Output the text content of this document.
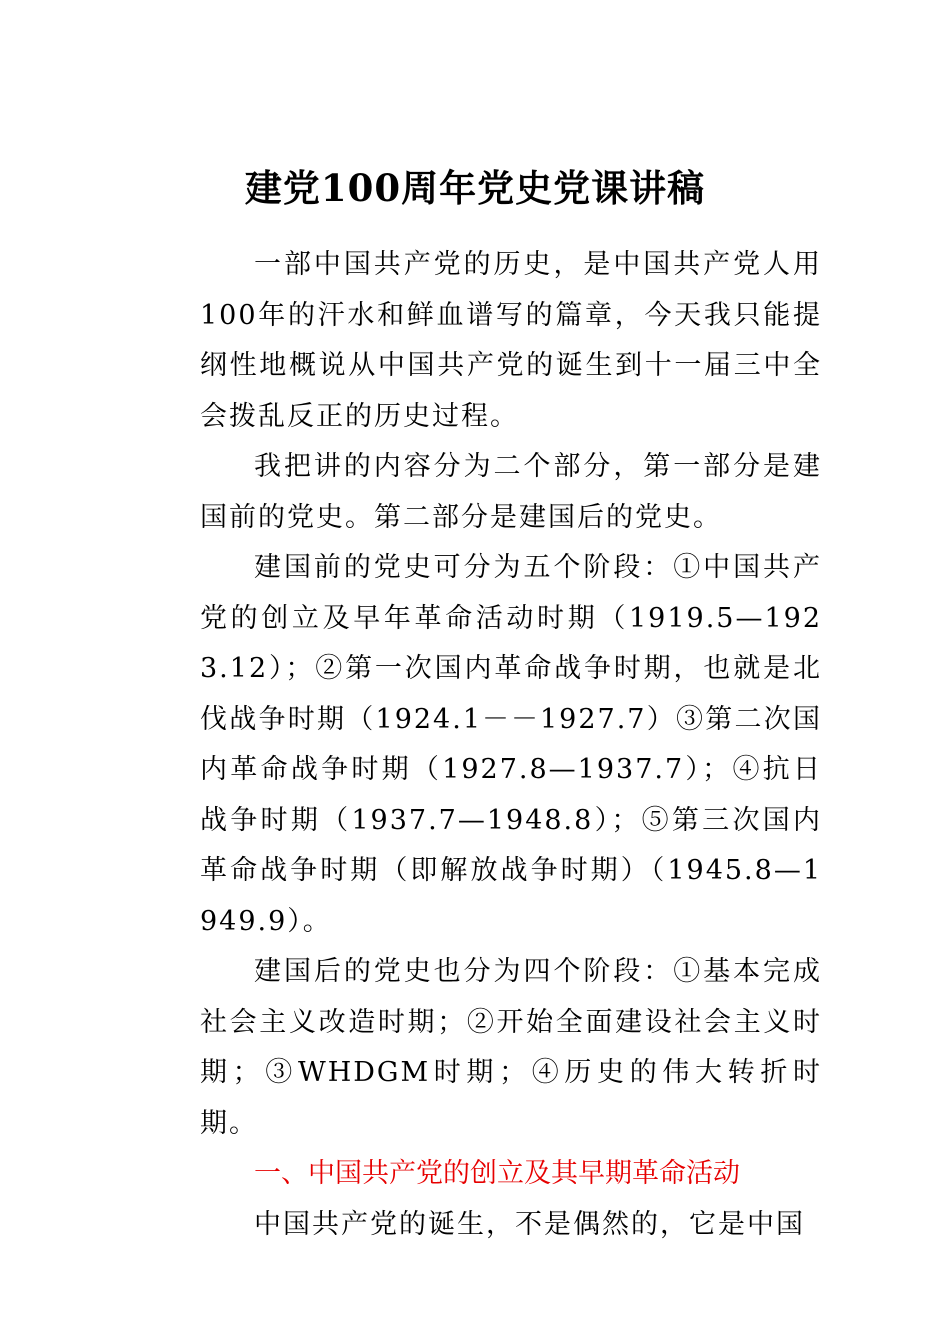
建党100周年党史党课讲稿

一部中国共产党的历史，是中国共产党人用100年的汗水和鲜血谱写的篇章，今天我只能提纲性地概说从中国共产党的诞生到十一届三中全会拨乱反正的历史过程。

我把讲的内容分为二个部分，第一部分是建国前的党史。第二部分是建国后的党史。

建国前的党史可分为五个阶段：①中国共产党的创立及早年革命活动时期（1919.5—1923.12）；②第一次国内革命战争时期，也就是北伐战争时期（1924.1－－1927.7）③第二次国内革命战争时期（1927.8—1937.7）；④抗日战争时期（1937.7—1948.8）；⑤第三次国内革命战争时期（即解放战争时期）（1945.8—1949.9）。

建国后的党史也分为四个阶段：①基本完成社会主义改造时期；②开始全面建设社会主义时期；③WHDGM时期；④历史的伟大转折时期。

一、中国共产党的创立及其早期革命活动

中国共产党的诞生，不是偶然的，它是中国
